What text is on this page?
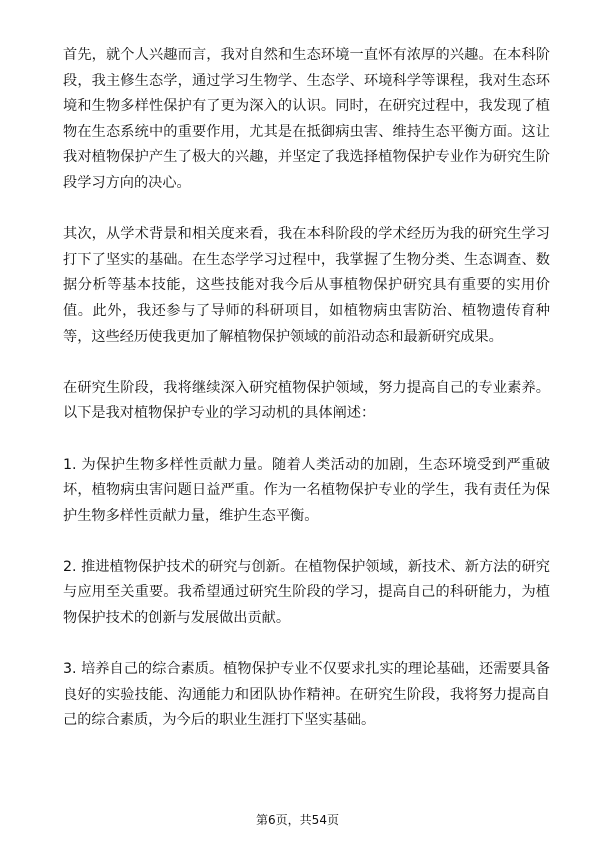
首先，就个人兴趣而言，我对自然和生态环境一直怀有浓厚的兴趣。在本科阶段，我主修生态学，通过学习生物学、生态学、环境科学等课程，我对生态环境和生物多样性保护有了更为深入的认识。同时，在研究过程中，我发现了植物在生态系统中的重要作用，尤其是在抵御病虫害、维持生态平衡方面。这让我对植物保护产生了极大的兴趣，并坚定了我选择植物保护专业作为研究生阶段学习方向的决心。

其次，从学术背景和相关度来看，我在本科阶段的学术经历为我的研究生学习打下了坚实的基础。在生态学学习过程中，我掌握了生物分类、生态调查、数据分析等基本技能，这些技能对我今后从事植物保护研究具有重要的实用价值。此外，我还参与了导师的科研项目，如植物病虫害防治、植物遗传育种等，这些经历使我更加了解植物保护领域的前沿动态和最新研究成果。

在研究生阶段，我将继续深入研究植物保护领域，努力提高自己的专业素养。以下是我对植物保护专业的学习动机的具体阐述：

1. 为保护生物多样性贡献力量。随着人类活动的加剧，生态环境受到严重破坏，植物病虫害问题日益严重。作为一名植物保护专业的学生，我有责任为保护生物多样性贡献力量，维护生态平衡。

2. 推进植物保护技术的研究与创新。在植物保护领域，新技术、新方法的研究与应用至关重要。我希望通过研究生阶段的学习，提高自己的科研能力，为植物保护技术的创新与发展做出贡献。

3. 培养自己的综合素质。植物保护专业不仅要求扎实的理论基础，还需要具备良好的实验技能、沟通能力和团队协作精神。在研究生阶段，我将努力提高自己的综合素质，为今后的职业生涯打下坚实基础。

第6页，共54页
